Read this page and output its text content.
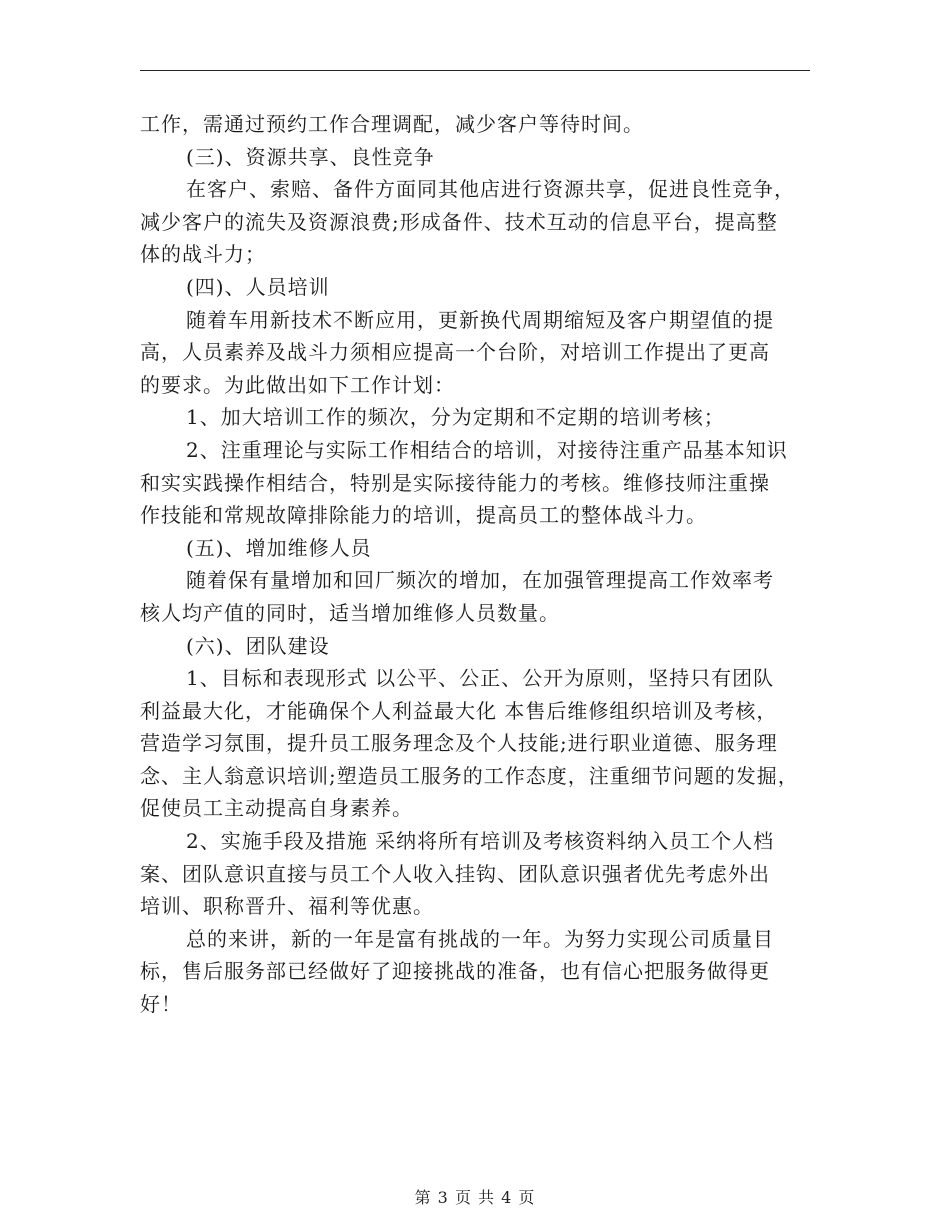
工作，需通过预约工作合理调配，减少客户等待时间。
(三)、资源共享、良性竞争
在客户、索赔、备件方面同其他店进行资源共享，促进良性竞争，
减少客户的流失及资源浪费;形成备件、技术互动的信息平台，提高整
体的战斗力；
(四)、人员培训
随着车用新技术不断应用，更新换代周期缩短及客户期望值的提
高，人员素养及战斗力须相应提高一个台阶，对培训工作提出了更高
的要求。为此做出如下工作计划：
1、加大培训工作的频次，分为定期和不定期的培训考核；
2、注重理论与实际工作相结合的培训，对接待注重产品基本知识
和实实践操作相结合，特别是实际接待能力的考核。维修技师注重操
作技能和常规故障排除能力的培训，提高员工的整体战斗力。
(五)、增加维修人员
随着保有量增加和回厂频次的增加，在加强管理提高工作效率考
核人均产值的同时，适当增加维修人员数量。
(六)、团队建设
1、目标和表现形式 以公平、公正、公开为原则，坚持只有团队
利益最大化，才能确保个人利益最大化 本售后维修组织培训及考核，
营造学习氛围，提升员工服务理念及个人技能;进行职业道德、服务理
念、主人翁意识培训;塑造员工服务的工作态度，注重细节问题的发掘，
促使员工主动提高自身素养。
2、实施手段及措施 采纳将所有培训及考核资料纳入员工个人档
案、团队意识直接与员工个人收入挂钩、团队意识强者优先考虑外出
培训、职称晋升、福利等优惠。
总的来讲，新的一年是富有挑战的一年。为努力实现公司质量目
标，售后服务部已经做好了迎接挑战的准备，也有信心把服务做得更
好！
第 3 页 共 4 页
